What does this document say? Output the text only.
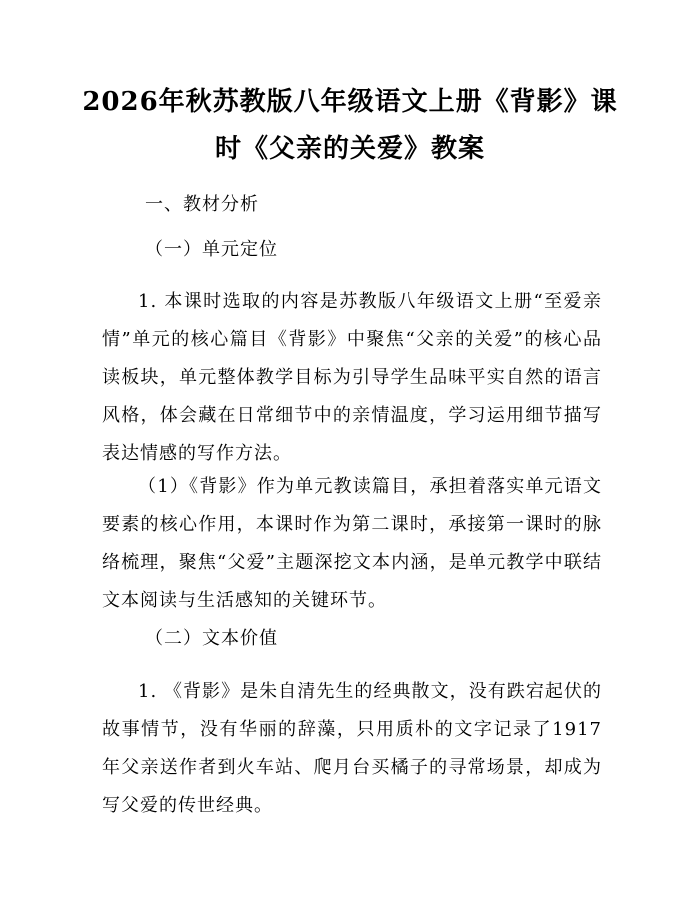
2026年秋苏教版八年级语文上册《背影》课
时《父亲的关爱》教案
一、教材分析
（一）单元定位
1. 本课时选取的内容是苏教版八年级语文上册“至爱亲情”单元的核心篇目《背影》中聚焦“父亲的关爱”的核心品读板块，单元整体教学目标为引导学生品味平实自然的语言风格，体会藏在日常细节中的亲情温度，学习运用细节描写表达情感的写作方法。
（1）《背影》作为单元教读篇目，承担着落实单元语文要素的核心作用，本课时作为第二课时，承接第一课时的脉络梳理，聚焦“父爱”主题深挖文本内涵，是单元教学中联结文本阅读与生活感知的关键环节。
（二）文本价值
1. 《背影》是朱自清先生的经典散文，没有跌宕起伏的故事情节，没有华丽的辞藻，只用质朴的文字记录了1917年父亲送作者到火车站、爬月台买橘子的寻常场景，却成为写父爱的传世经典。
